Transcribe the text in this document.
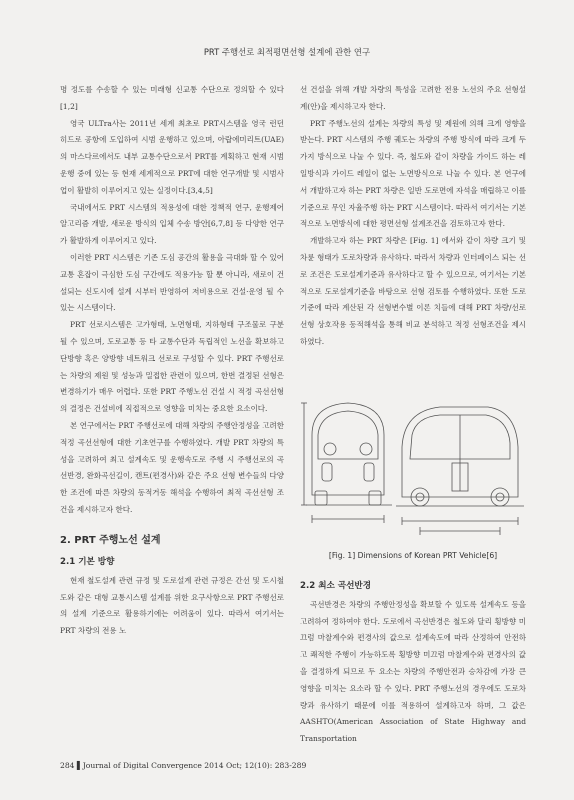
PRT 주행선로 최적평면선형 설계에 관한 연구

명 정도를 수송할 수 있는 미래형 신교통 수단으로 정의할 수 있다[1,2]

영국 ULTra사는 2011년 세계 최초로 PRT시스템을 영국 런던 히드로 공항에 도입하여 시범 운행하고 있으며, 아랍에미리트(UAE)의 마스다르에서도 내부 교통수단으로서 PRT를 계획하고 현재 시범운행 중에 있는 등 현재 세계적으로 PRT에 대한 연구개발 및 시범사업이 활발히 이루어지고 있는 실정이다.[3,4,5]

국내에서도 PRT 시스템의 적용성에 대한 정책적 연구, 운행제어 알고리즘 개발, 새로운 방식의 입체 수송 방안[6,7,8] 등 다양한 연구가 활발하게 이루어지고 있다.

이러한 PRT 시스템은 기존 도심 공간의 활용을 극대화 할 수 있어 교통 혼잡이 극심한 도심 구간에도 적용가능 할 뿐 아니라, 새로이 건설되는 신도시에 설계 시부터 반영하여 저비용으로 건설·운영 될 수 있는 시스템이다.

PRT 선로시스템은 고가형태, 노면형태, 지하형태 구조물로 구분될 수 있으며, 도로교통 등 타 교통수단과 독립적인 노선을 확보하고 단방향 혹은 양방향 네트워크 선로로 구성할 수 있다. PRT 주행선로는 차량의 제원 및 성능과 밀접한 관련이 있으며, 한번 결정된 선형은 변경하기가 매우 어렵다. 또한 PRT 주행노선 건설 시 적정 곡선선형의 결정은 건설비에 직접적으로 영향을 미치는 중요한 요소이다.

본 연구에서는 PRT 주행선로에 대해 차량의 주행안정성을 고려한 적정 곡선선형에 대한 기초연구를 수행하였다. 개발 PRT 차량의 특성을 고려하여 최고 설계속도 및 운행속도로 주행 시 주행선로의 곡선반경, 완화곡선길이, 캔트(편경사)와 같은 주요 선형 변수들의 다양한 조건에 따른 차량의 동적거동 해석을 수행하여 최적 곡선선형 조건을 제시하고자 한다.

2. PRT 주행노선 설계
2.1 기본 방향

현재 철도설계 관련 규정 및 도로설계 관련 규정은 간선 및 도시철도와 같은 대형 교통시스템 설계를 위한 요구사항으로 PRT 주행선로의 설계 기준으로 활용하기에는 어려움이 있다. 따라서 여기서는 PRT 차량의 전용 노

선 건설을 위해 개발 차량의 특성을 고려한 전용 노선의 주요 선형설계(안)을 제시하고자 한다.

PRT 주행노선의 설계는 차량의 특성 및 제원에 의해 크게 영향을 받는다. PRT 시스템의 주행 궤도는 차량의 주행 방식에 따라 크게 두 가지 방식으로 나눌 수 있다. 즉, 철도와 같이 차량을 가이드 하는 레일방식과 가이드 레일이 없는 노면방식으로 나눌 수 있다. 본 연구에서 개발하고자 하는 PRT 차량은 일반 도로면에 자석을 매립하고 이를 기준으로 무인 자율주행 하는 PRT 시스템이다. 따라서 여기서는 기본적으로 노면방식에 대한 평면선형 설계조건을 검토하고자 한다.

개발하고자 하는 PRT 차량은 [Fig. 1] 에서와 같이 차량 크기 및 차륜 형태가 도로차량과 유사하다. 따라서 차량과 인터페이스 되는 선로 조건은 도로설계기준과 유사하다고 할 수 있으므로, 여기서는 기본적으로 도로설계기준을 바탕으로 선형 검토를 수행하였다. 또한 도로기준에 따라 계산된 각 선형변수별 이론 치들에 대해 PRT 차량/선로선형 상호작용 동적해석을 통해 비교 분석하고 적정 선형조건을 제시 하였다.

[Fig. 1] Dimensions of Korean PRT Vehicle[6]
2.2 최소 곡선반경

곡선반경은 차량의 주행안정성을 확보할 수 있도록 설계속도 등을 고려하여 정하여야 한다. 도로에서 곡선반경은 철도와 달리 횡방향 미끄럼 마찰계수와 편경사의 값으로 설계속도에 따라 산정하여 안전하고 쾌적한 주행이 가능하도록 횡방향 미끄럼 마찰계수와 편경사의 값을 결정하게 되므로 두 요소는 차량의 주행안전과 승차감에 가장 큰 영향을 미치는 요소라 할 수 있다. PRT 주행노선의 경우에도 도로차량과 유사하기 때문에 이를 적용하여 설계하고자 하며, 그 값은 AASHTO(American Association of State Highway and Transportation

284 ▌Journal of Digital Convergence 2014 Oct; 12(10): 283-289
